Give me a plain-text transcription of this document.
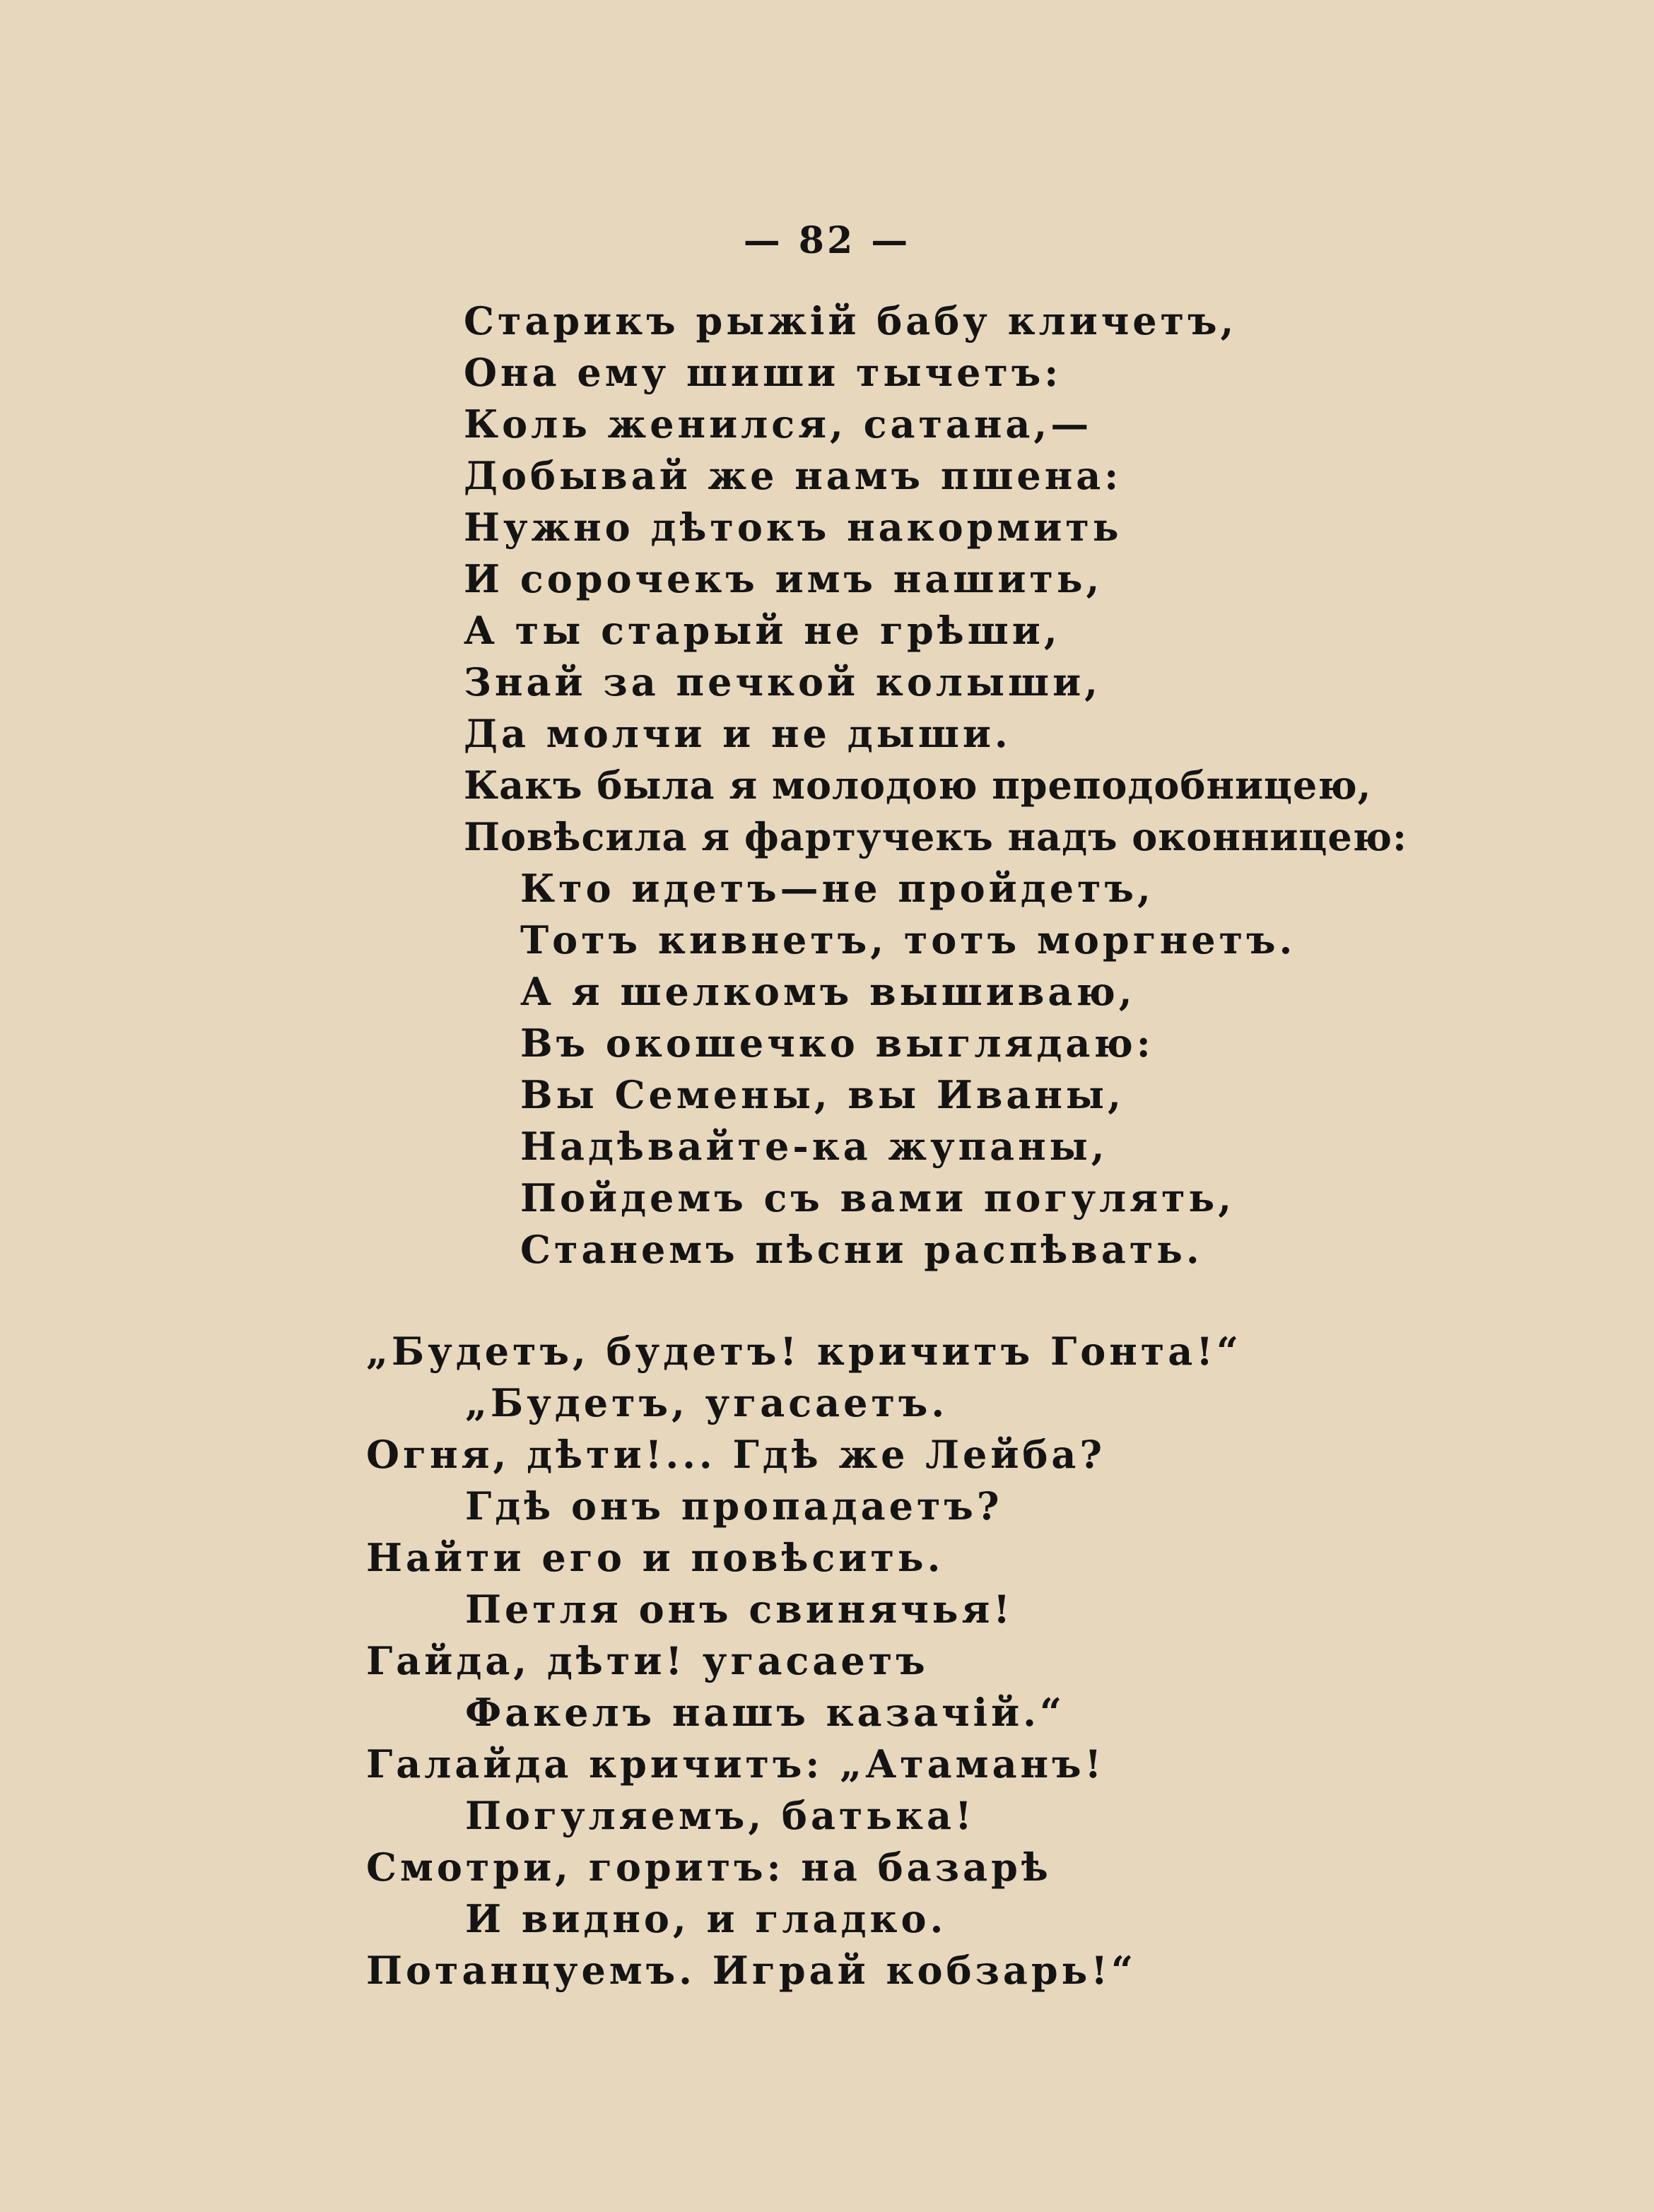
— 82 —
Старикъ рыжій бабу кличетъ,
Она ему шиши тычетъ:
Коль женился, сатана,—
Добывай же намъ пшена:
Нужно дѣтокъ накормить
И сорочекъ имъ нашить,
А ты старый не грѣши,
Знай за печкой колыши,
Да молчи и не дыши.
Какъ была я молодою преподобницею,
Повѣсила я фартучекъ надъ оконницею:
Кто идетъ—не пройдетъ,
Тотъ кивнетъ, тотъ моргнетъ.
А я шелкомъ вышиваю,
Въ окошечко выглядаю:
Вы Семены, вы Иваны,
Надѣвайте-ка жупаны,
Пойдемъ съ вами погулять,
Станемъ пѣсни распѣвать.
„Будетъ, будетъ! кричитъ Гонта!“
„Будетъ, угасаетъ.
Огня, дѣти!... Гдѣ же Лейба?
Гдѣ онъ пропадаетъ?
Найти его и повѣсить.
Петля онъ свинячья!
Гайда, дѣти! угасаетъ
Факелъ нашъ казачій.“
Галайда кричитъ: „Атаманъ!
Погуляемъ, батька!
Смотри, горитъ: на базарѣ
И видно, и гладко.
Потанцуемъ. Играй кобзарь!“
